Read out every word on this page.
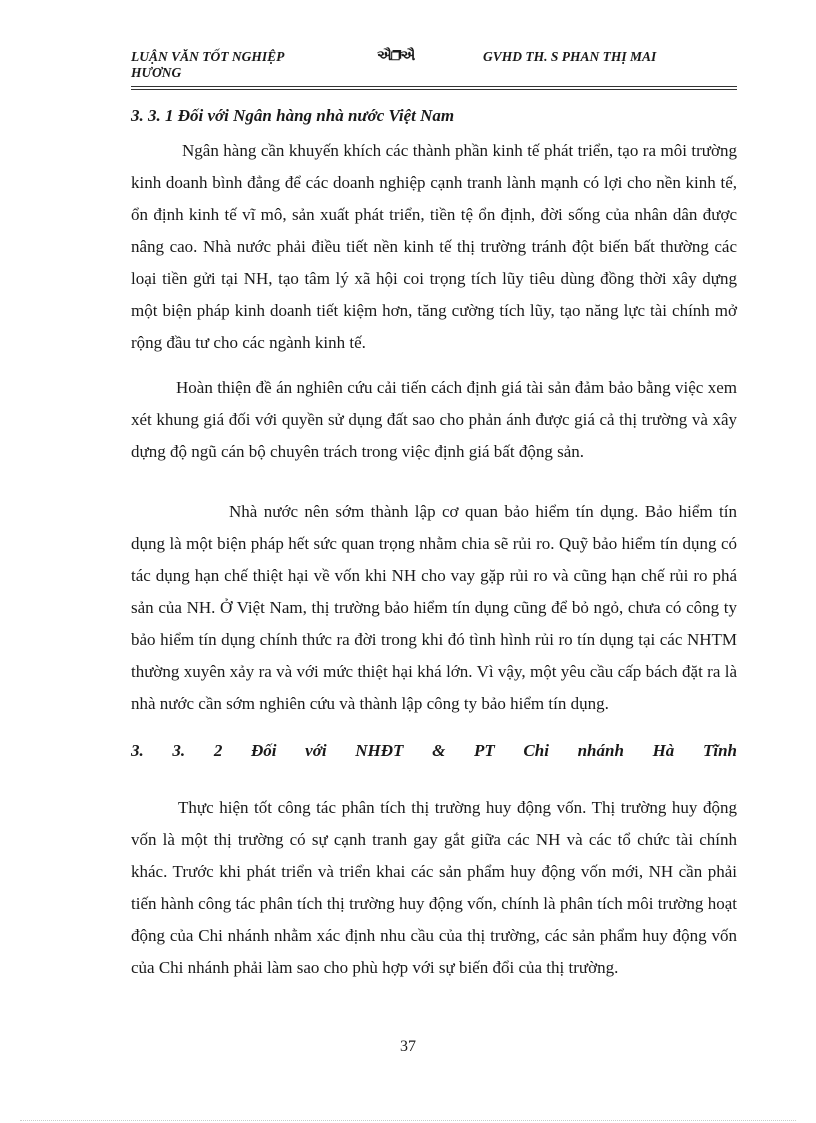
LUẬN VĂN TỐT NGHIỆP HƯƠNG
ઐ❐ઐ	GVHD TH. S PHAN THỊ MAI
3. 3. 1 Đối với Ngân hàng nhà nước Việt Nam

Ngân hàng cần khuyến khích các thành phần kinh tế phát triển, tạo ra môi trường kinh doanh bình đẳng để các doanh nghiệp cạnh tranh lành mạnh có lợi cho nền kinh tế, ổn định kinh tế vĩ mô, sản xuất phát triển, tiền tệ ổn định, đời sống của nhân dân được nâng cao. Nhà nước phải điều tiết nền kinh tế thị trường tránh đột biến bất thường các loại tiền gửi tại NH, tạo tâm lý xã hội coi trọng tích lũy tiêu dùng đồng thời xây dựng một biện pháp kinh doanh tiết kiệm hơn, tăng cường tích lũy, tạo năng lực tài chính mở rộng đầu tư cho các ngành kinh tế.

Hoàn thiện đề án nghiên cứu cải tiến cách định giá tài sản đảm bảo bằng việc xem xét khung giá đối với quyền sử dụng đất sao cho phản ánh được giá cả thị trường và xây dựng độ ngũ cán bộ chuyên trách trong việc định giá bất động sản.

Nhà nước nên sớm thành lập cơ quan bảo hiểm tín dụng. Bảo hiểm tín dụng là một biện pháp hết sức quan trọng nhằm chia sẽ rủi ro. Quỹ bảo hiểm tín dụng có tác dụng hạn chế thiệt hại về vốn khi NH cho vay gặp rủi ro và cũng hạn chế rủi ro phá sản của NH. Ở Việt Nam, thị trường bảo hiểm tín dụng cũng để bỏ ngỏ, chưa có công ty bảo hiểm tín dụng chính thức ra đời trong khi đó tình hình rủi ro tín dụng tại các NHTM thường xuyên xảy ra và với mức thiệt hại khá lớn. Vì vậy, một yêu cầu cấp bách đặt ra là nhà nước cần sớm nghiên cứu và thành lập công ty bảo hiểm tín dụng.

3. 3. 2 Đối với NHĐT & PT Chi nhánh Hà Tĩnh

Thực hiện tốt công tác phân tích thị trường huy động vốn. Thị trường huy động vốn là một thị trường có sự cạnh tranh gay gắt giữa các NH và các tổ chức tài chính khác. Trước khi phát triển và triển khai các sản phẩm huy động vốn mới, NH cần phải tiến hành công tác phân tích thị trường huy động vốn, chính là phân tích môi trường hoạt động của Chi nhánh nhằm xác định nhu cầu của thị trường, các sản phẩm huy động vốn của Chi nhánh phải làm sao cho phù hợp với sự biến đổi của thị trường.

37
